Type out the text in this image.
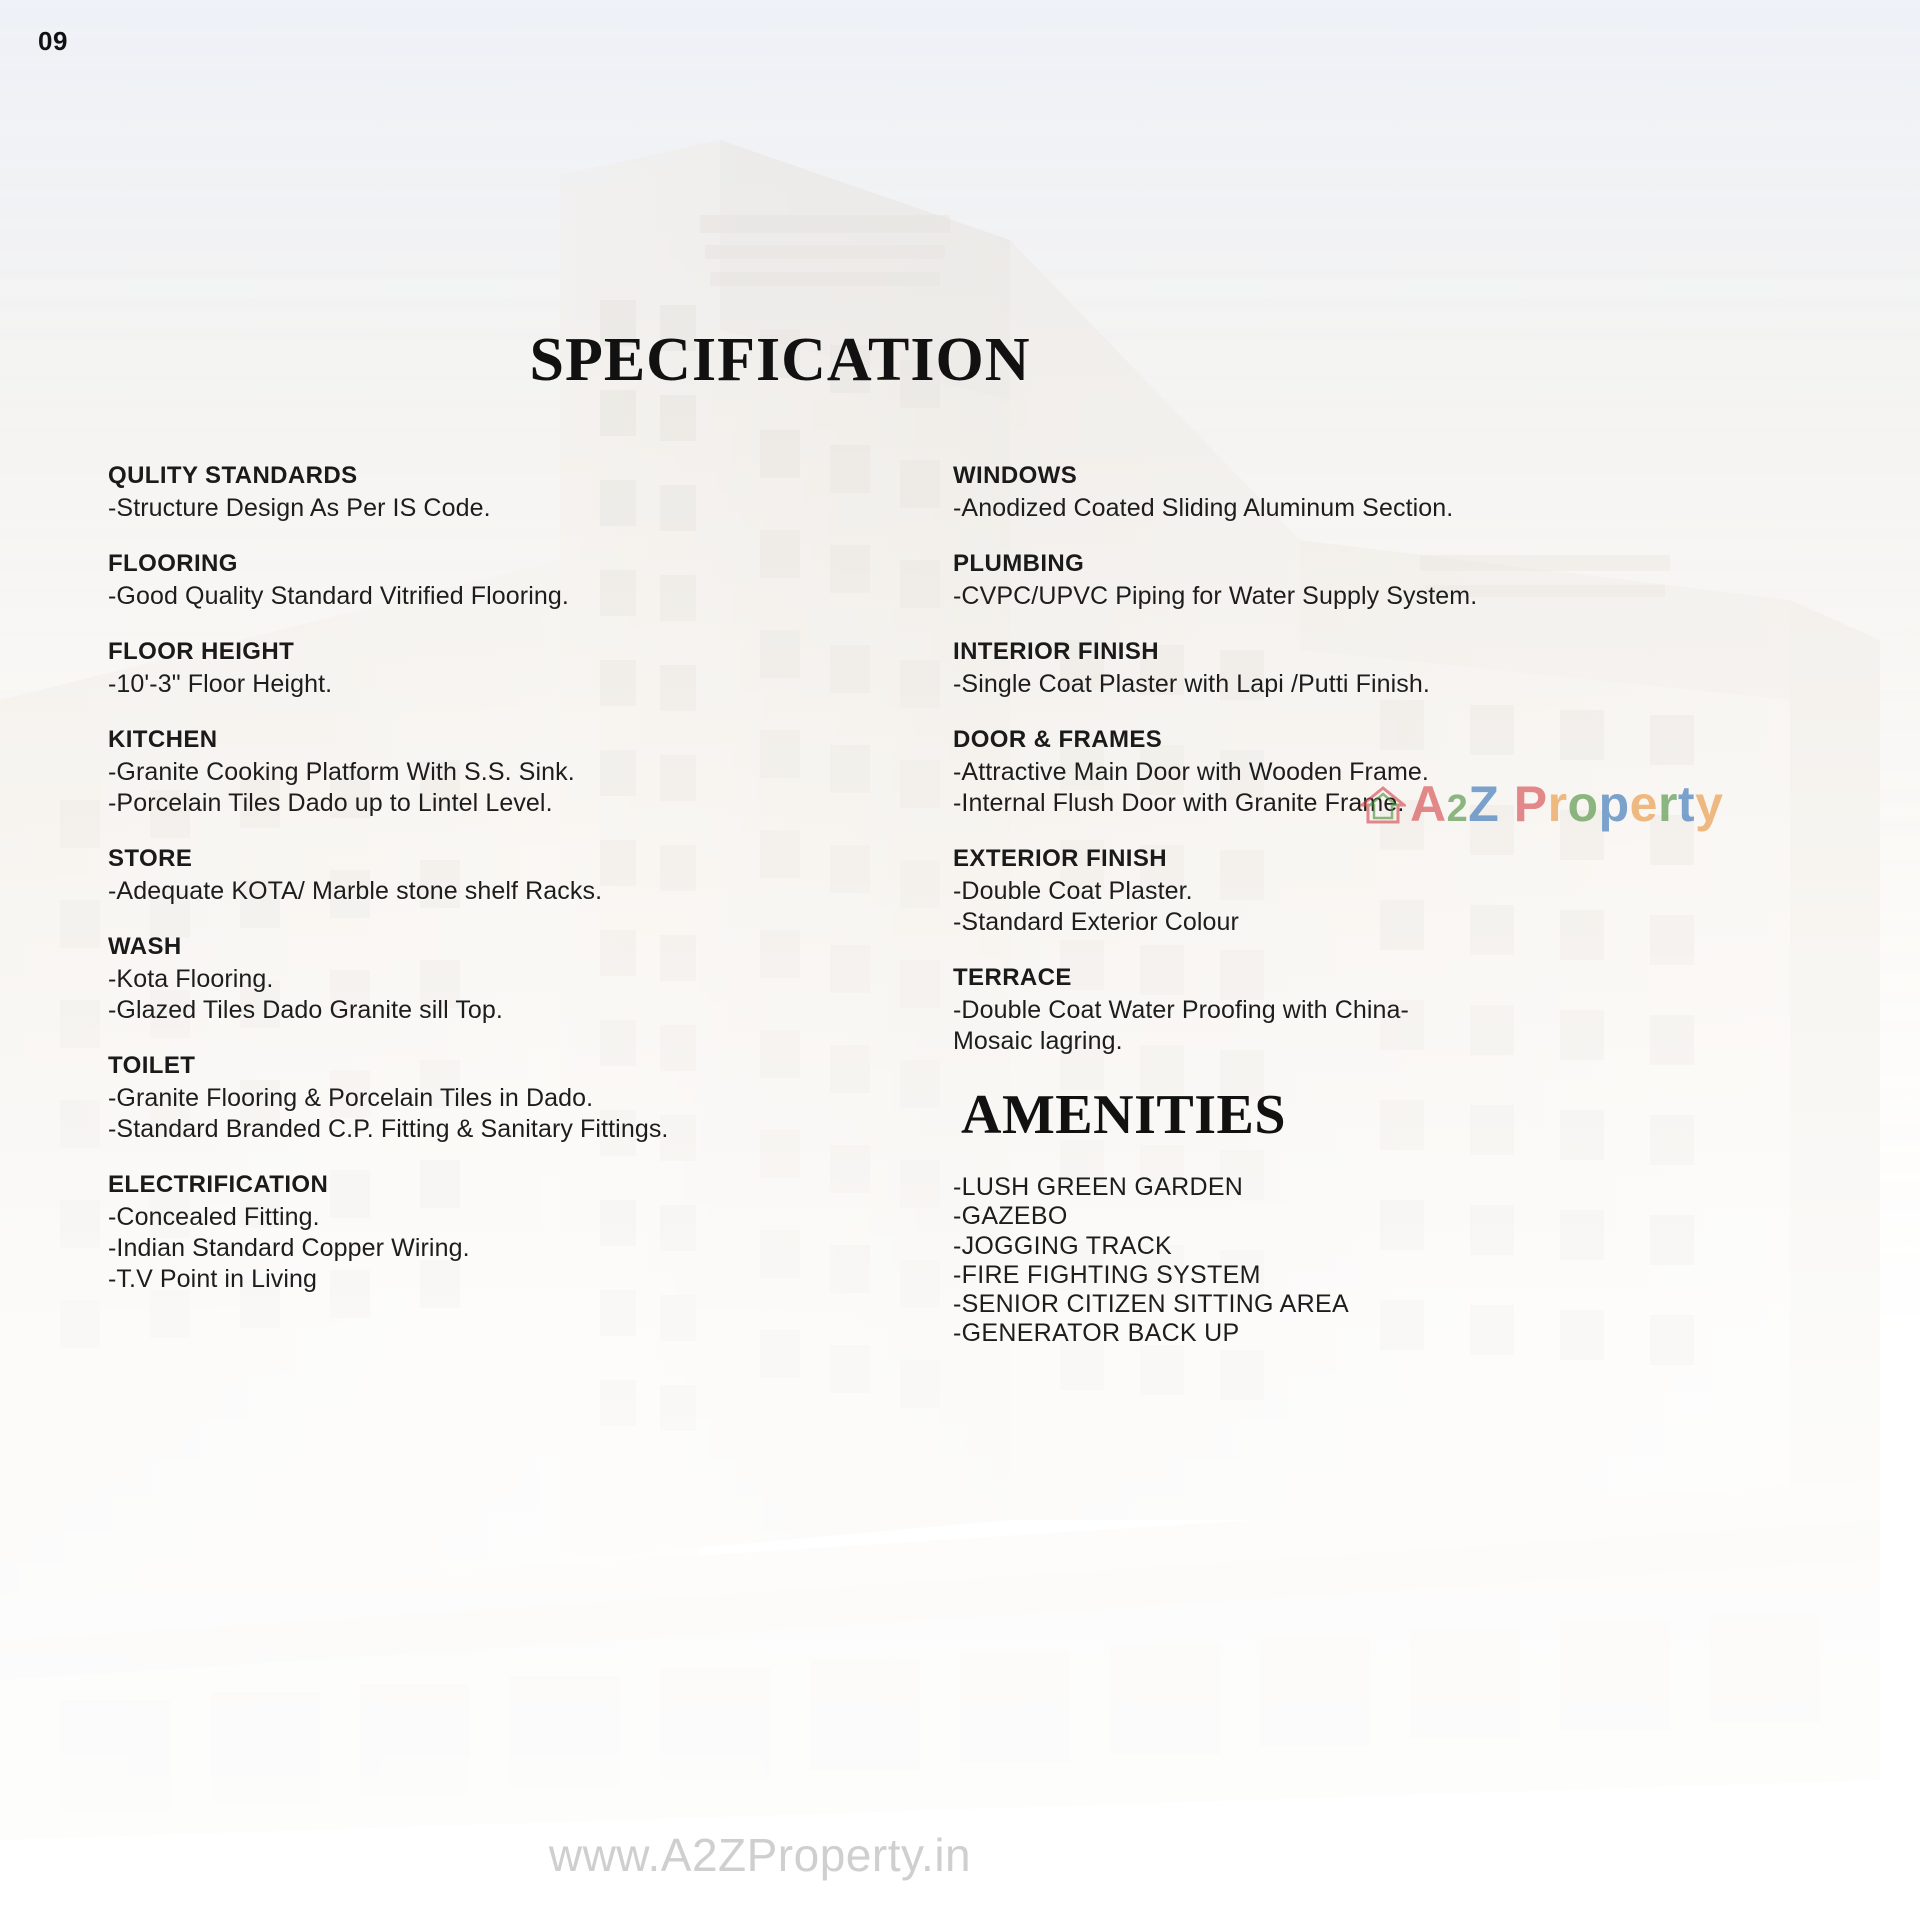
09
SPECIFICATION
QULITY STANDARDS
-Structure Design As Per IS Code.
FLOORING
-Good Quality Standard Vitrified Flooring.
FLOOR HEIGHT
-10'-3" Floor Height.
KITCHEN
-Granite Cooking Platform With S.S. Sink.
-Porcelain Tiles Dado up to Lintel Level.
STORE
-Adequate KOTA/ Marble stone shelf Racks.
WASH
-Kota Flooring.
-Glazed Tiles Dado Granite sill Top.
TOILET
-Granite Flooring & Porcelain Tiles in Dado.
-Standard Branded C.P. Fitting & Sanitary Fittings.
ELECTRIFICATION
-Concealed Fitting.
-Indian Standard Copper Wiring.
-T.V Point in Living
WINDOWS
-Anodized Coated Sliding Aluminum Section.
PLUMBING
-CVPC/UPVC Piping for Water Supply System.
INTERIOR FINISH
-Single Coat Plaster with Lapi /Putti Finish.
DOOR & FRAMES
-Attractive Main Door with Wooden Frame.
-Internal Flush Door with Granite Frame.
EXTERIOR FINISH
-Double Coat Plaster.
-Standard Exterior Colour
TERRACE
-Double Coat Water Proofing with China-
Mosaic lagring.
AMENITIES
-LUSH GREEN GARDEN
-GAZEBO
-JOGGING TRACK
-FIRE FIGHTING SYSTEM
-SENIOR CITIZEN SITTING AREA
-GENERATOR BACK UP
A2Z Property
www.A2ZProperty.in
